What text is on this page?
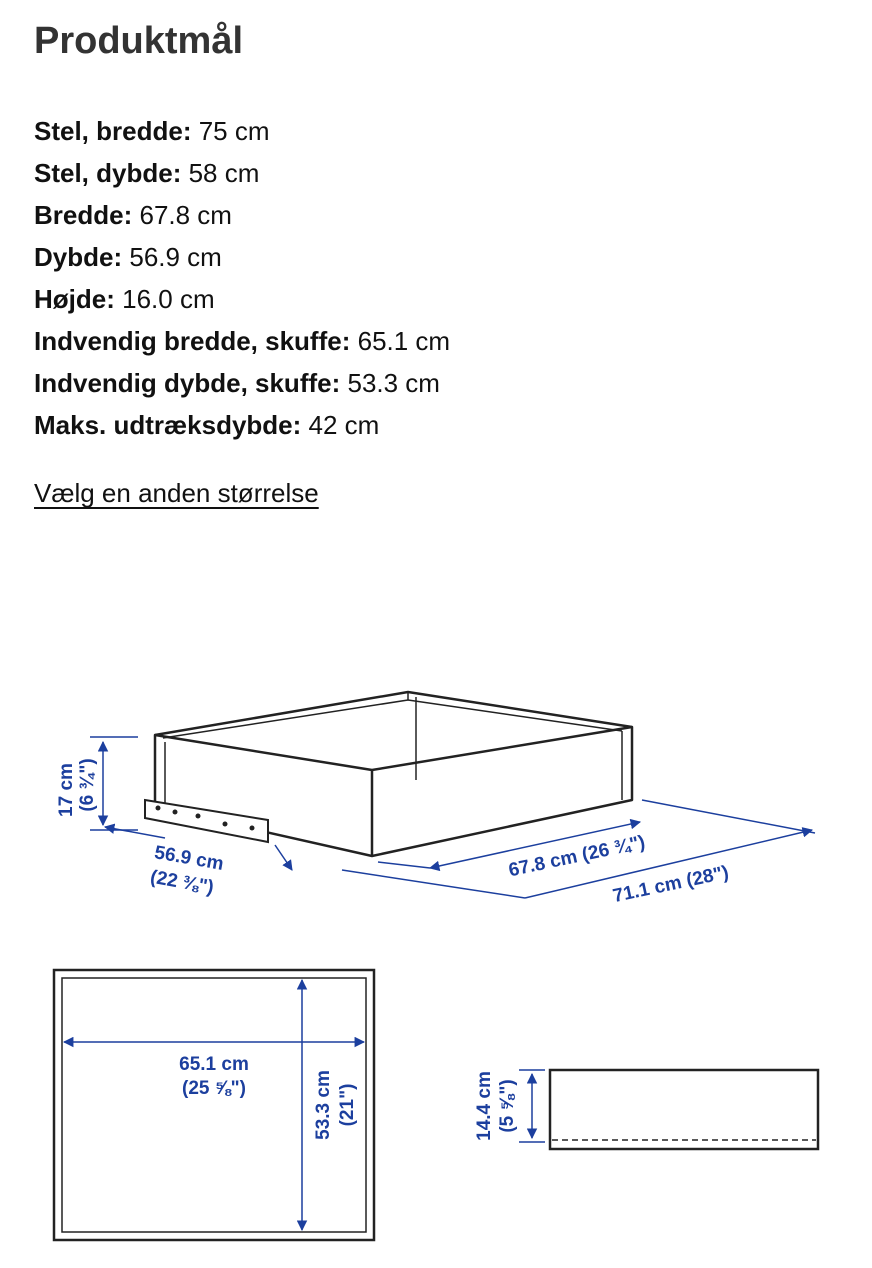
Produktmål
Stel, bredde: 75 cm
Stel, dybde: 58 cm
Bredde: 67.8 cm
Dybde: 56.9 cm
Højde: 16.0 cm
Indvendig bredde, skuffe: 65.1 cm
Indvendig dybde, skuffe: 53.3 cm
Maks. udtræksdybde: 42 cm
Vælg en anden størrelse
17 cm (6 ¾")
56.9 cm
(22 ⅜")
67.8 cm (26 ¾")
71.1 cm (28")
65.1 cm
(25 ⅝")	53.3 cm (21")	14.4 cm (5 ⅝")
